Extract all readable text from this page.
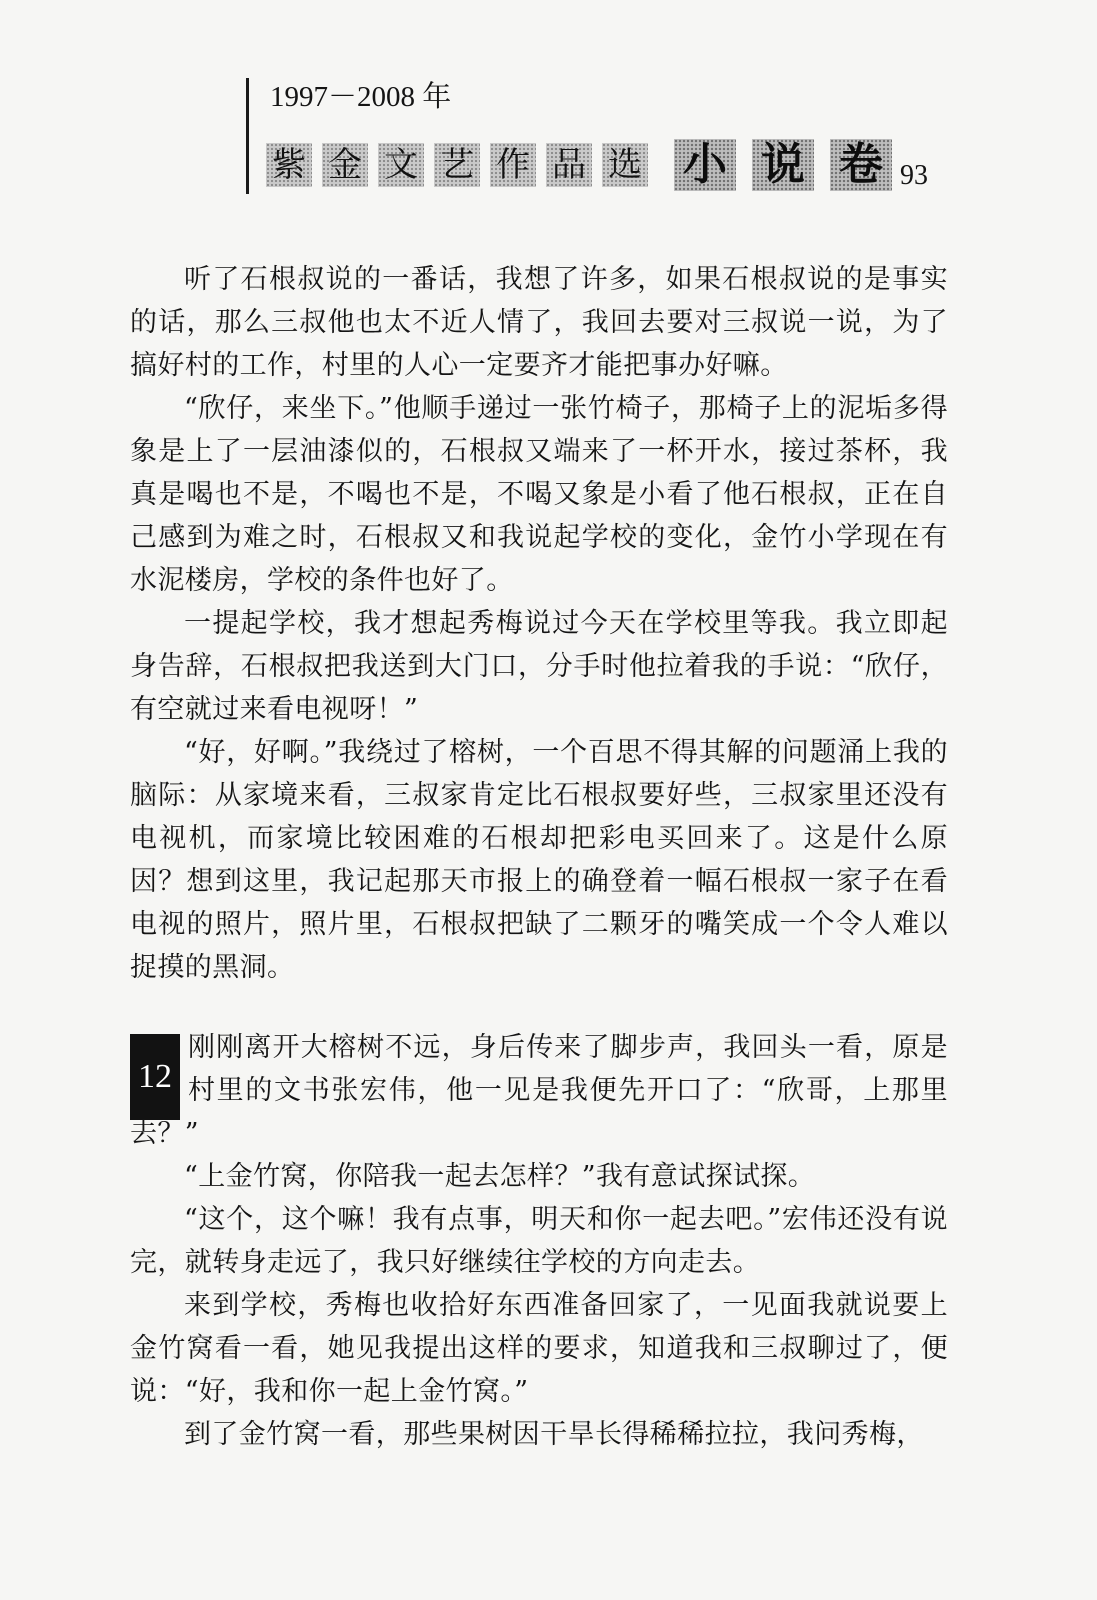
1997－2008 年
紫 金 文 艺 作 品 选 小 说 卷 93

听了石根叔说的一番话，我想了许多，如果石根叔说的是事实的话，那么三叔他也太不近人情了，我回去要对三叔说一说，为了搞好村的工作，村里的人心一定要齐才能把事办好嘛。

“欣仔，来坐下。”他顺手递过一张竹椅子，那椅子上的泥垢多得象是上了一层油漆似的，石根叔又端来了一杯开水，接过茶杯，我真是喝也不是，不喝也不是，不喝又象是小看了他石根叔，正在自己感到为难之时，石根叔又和我说起学校的变化，金竹小学现在有水泥楼房，学校的条件也好了。

一提起学校，我才想起秀梅说过今天在学校里等我。我立即起身告辞，石根叔把我送到大门口，分手时他拉着我的手说：“欣仔，有空就过来看电视呀！”

“好，好啊。”我绕过了榕树，一个百思不得其解的问题涌上我的脑际：从家境来看，三叔家肯定比石根叔要好些，三叔家里还没有电视机，而家境比较困难的石根却把彩电买回来了。这是什么原因？想到这里，我记起那天市报上的确登着一幅石根叔一家子在看电视的照片，照片里，石根叔把缺了二颗牙的嘴笑成一个令人难以捉摸的黑洞。

12

刚刚离开大榕树不远，身后传来了脚步声，我回头一看，原是村里的文书张宏伟，他一见是我便先开口了：“欣哥，上那里去？”

“上金竹窝，你陪我一起去怎样？”我有意试探试探。

“这个，这个嘛！我有点事，明天和你一起去吧。”宏伟还没有说完，就转身走远了，我只好继续往学校的方向走去。

来到学校，秀梅也收拾好东西准备回家了，一见面我就说要上金竹窝看一看，她见我提出这样的要求，知道我和三叔聊过了，便说：“好，我和你一起上金竹窝。”

到了金竹窝一看，那些果树因干旱长得稀稀拉拉，我问秀梅，
